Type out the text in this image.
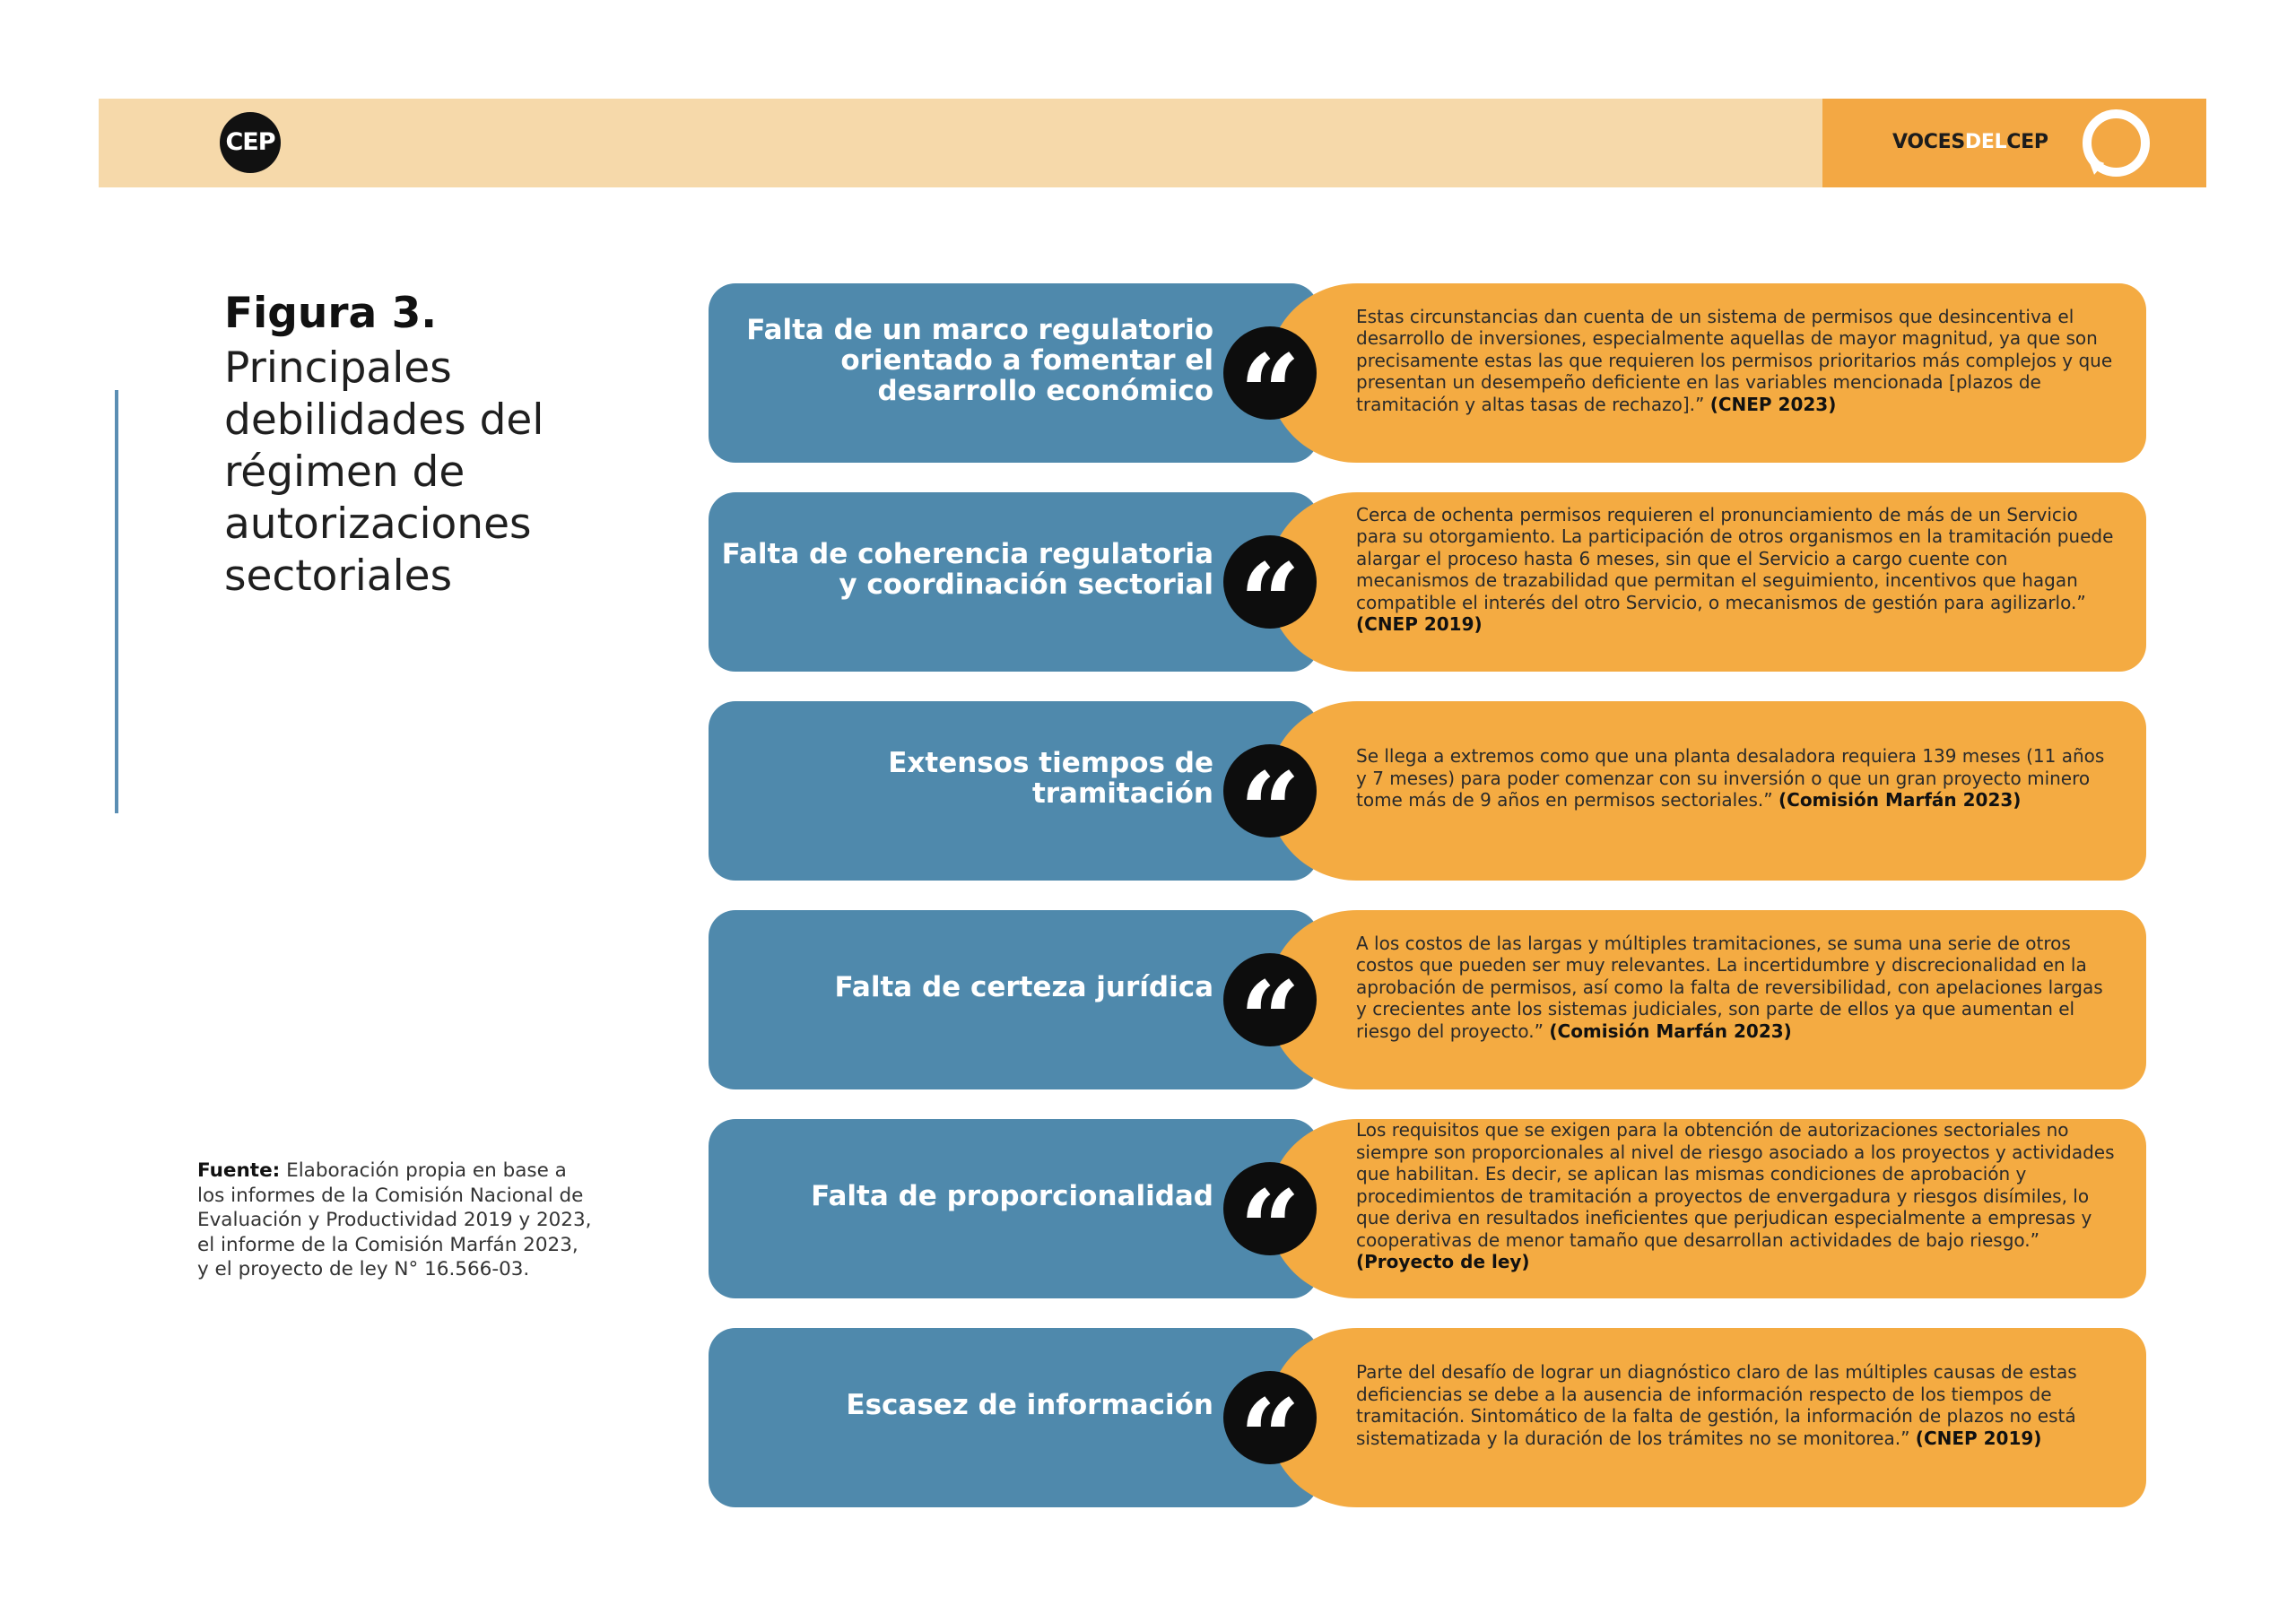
CEP	VOCESDELCEP
Figura 3.
Principales debilidades del régimen de autorizaciones sectoriales
Fuente: Elaboración propia en base a los informes de la Comisión Nacional de Evaluación y Productividad 2019 y 2023, el informe de la Comisión Marfán 2023, y el proyecto de ley N° 16.566-03.
Falta de un marco regulatorio orientado a fomentar el desarrollo económico “
Estas circunstancias dan cuenta de un sistema de permisos que desincentiva el desarrollo de inversiones, especialmente aquellas de mayor magnitud, ya que son precisamente estas las que requieren los permisos prioritarios más complejos y que presentan un desempeño deficiente en las variables mencionada [plazos de tramitación y altas tasas de rechazo].” (CNEP 2023)
Falta de coherencia regulatoria y coordinación sectorial “
Cerca de ochenta permisos requieren el pronunciamiento de más de un Servicio para su otorgamiento. La participación de otros organismos en la tramitación puede alargar el proceso hasta 6 meses, sin que el Servicio a cargo cuente con mecanismos de trazabilidad que permitan el seguimiento, incentivos que hagan compatible el interés del otro Servicio, o mecanismos de gestión para agilizarlo.” (CNEP 2019)
Extensos tiempos de tramitación “	Se llega a extremos como que una planta desaladora requiera 139 meses (11 años y 7 meses) para poder comenzar con su inversión o que un gran proyecto minero tome más de 9 años en permisos sectoriales.” (Comisión Marfán 2023)
Falta de certeza jurídica “
A los costos de las largas y múltiples tramitaciones, se suma una serie de otros costos que pueden ser muy relevantes. La incertidumbre y discrecionalidad en la aprobación de permisos, así como la falta de reversibilidad, con apelaciones largas y crecientes ante los sistemas judiciales, son parte de ellos ya que aumentan el riesgo del proyecto.” (Comisión Marfán 2023)
Falta de proporcionalidad “
Los requisitos que se exigen para la obtención de autorizaciones sectoriales no siempre son proporcionales al nivel de riesgo asociado a los proyectos y actividades que habilitan. Es decir, se aplican las mismas condiciones de aprobación y procedimientos de tramitación a proyectos de envergadura y riesgos disímiles, lo que deriva en resultados ineficientes que perjudican especialmente a empresas y cooperativas de menor tamaño que desarrollan actividades de bajo riesgo.” (Proyecto de ley)
Escasez de información “
Parte del desafío de lograr un diagnóstico claro de las múltiples causas de estas deficiencias se debe a la ausencia de información respecto de los tiempos de tramitación. Sintomático de la falta de gestión, la información de plazos no está sistematizada y la duración de los trámites no se monitorea.” (CNEP 2019)
